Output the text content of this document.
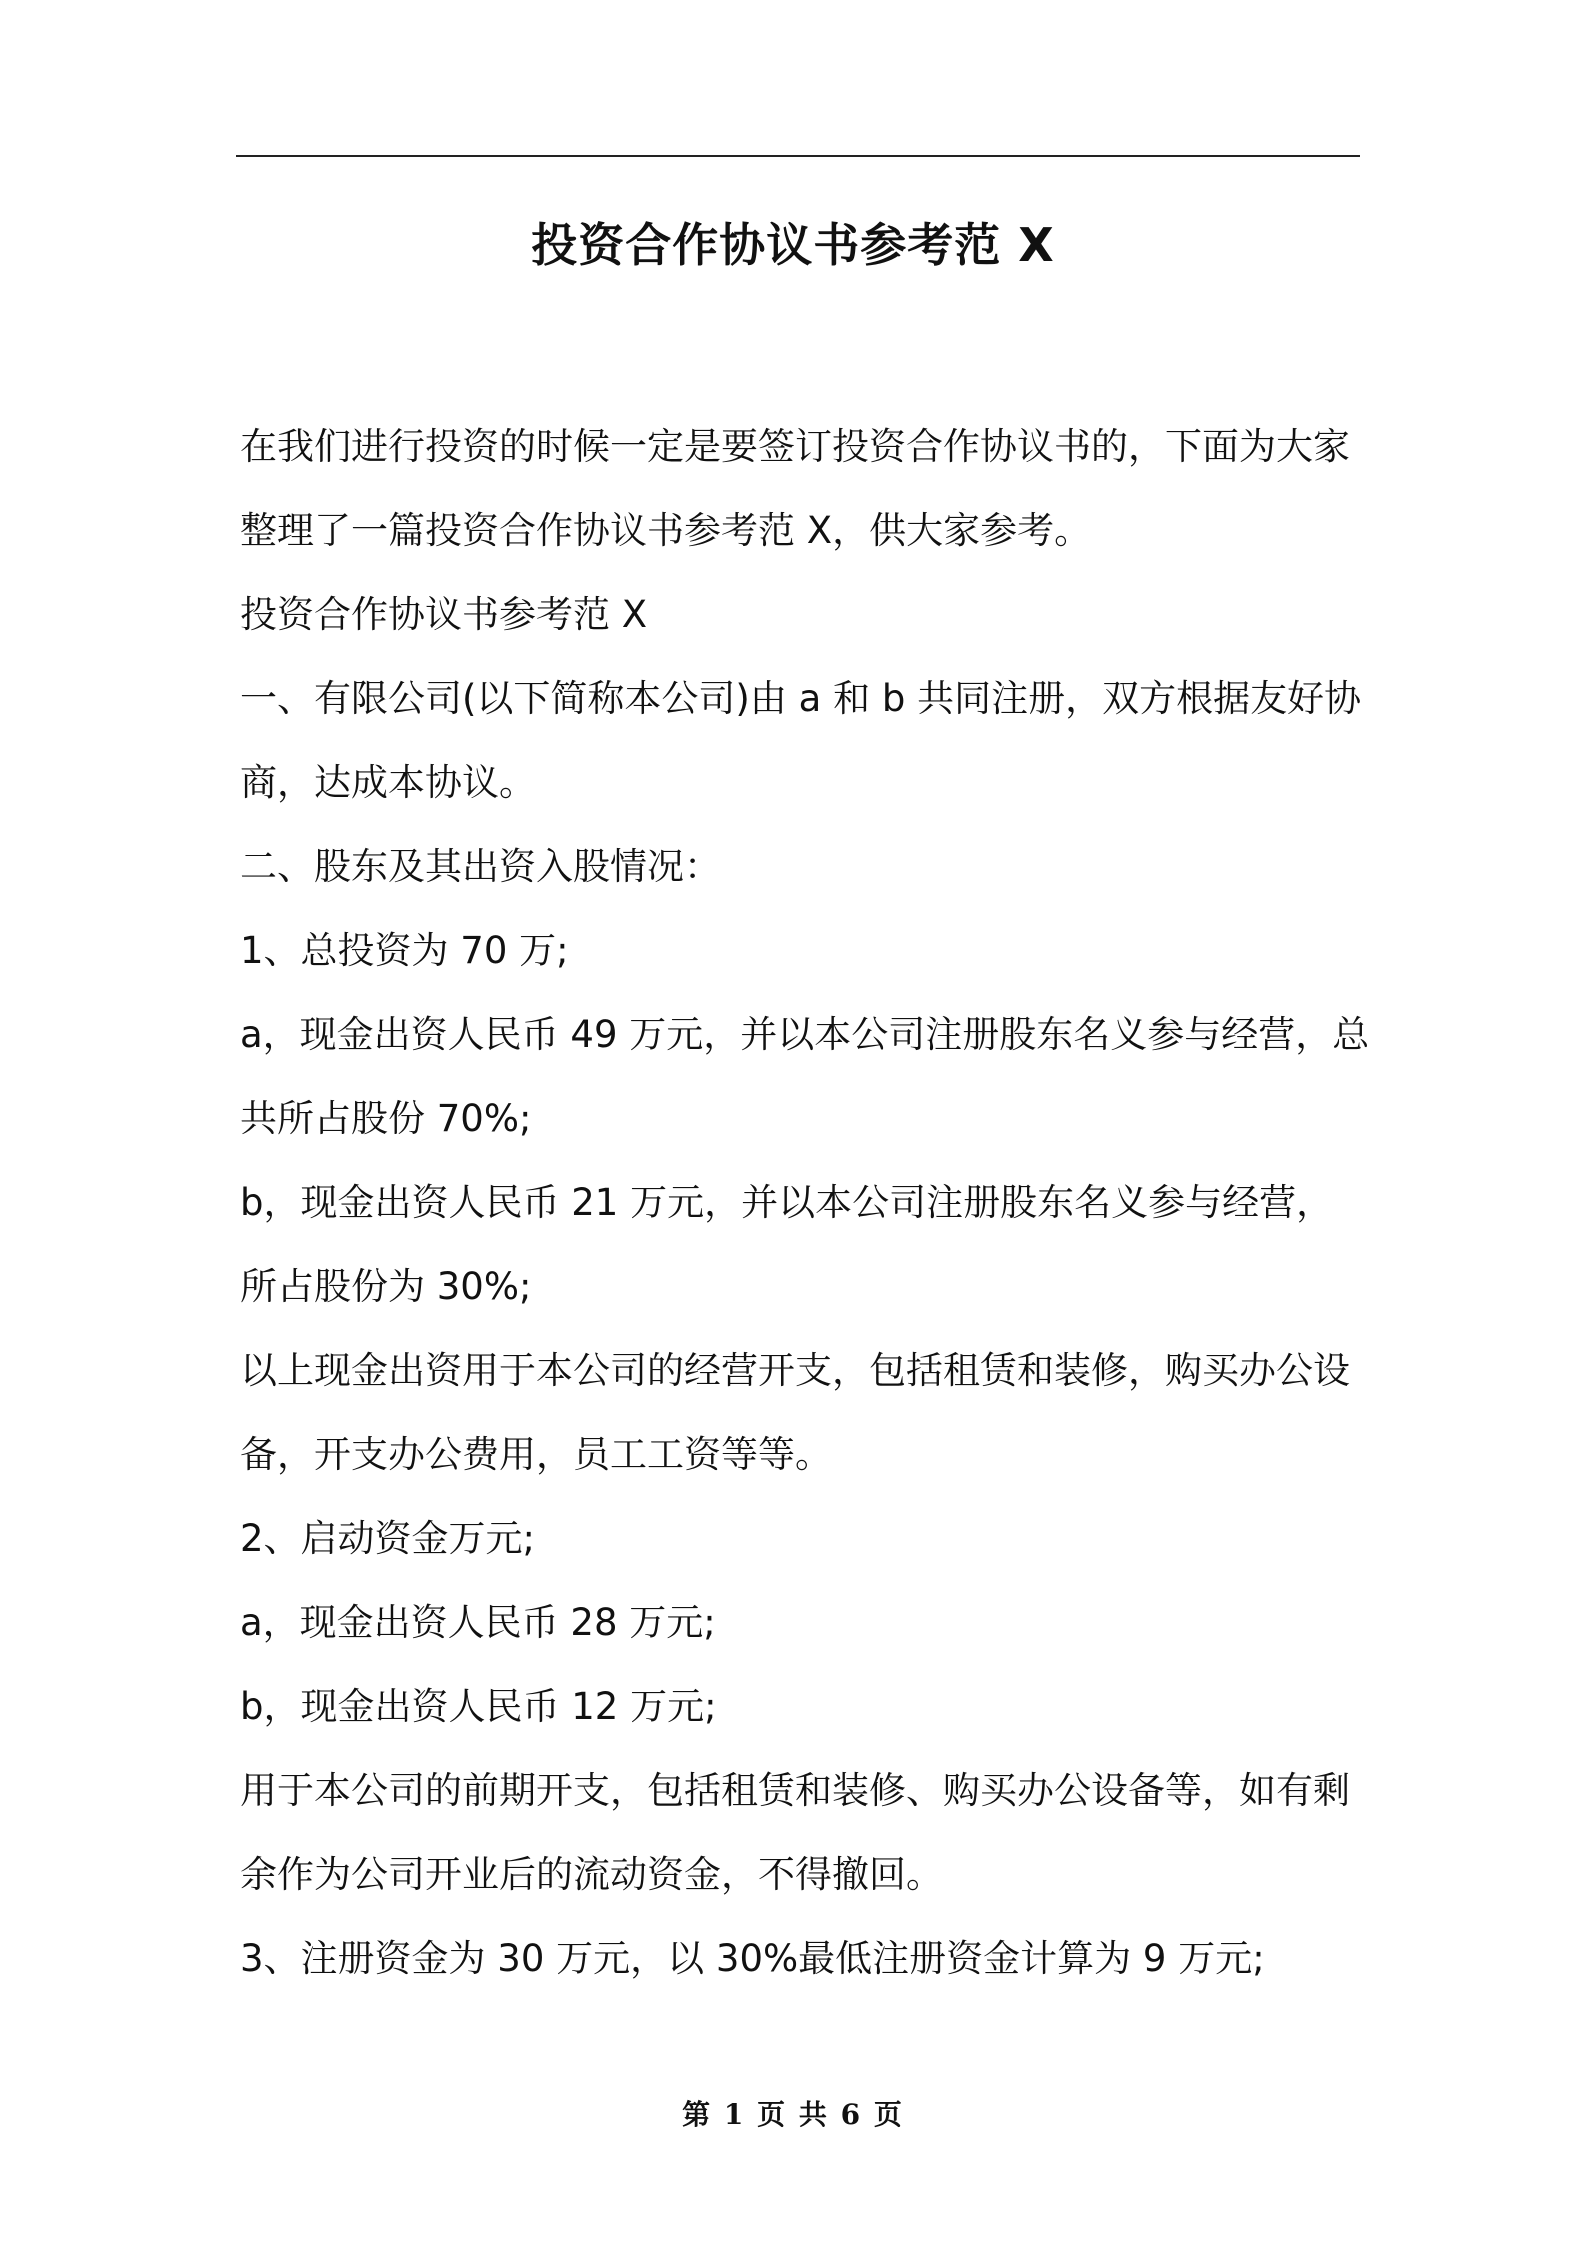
投资合作协议书参考范 X

在我们进行投资的时候一定是要签订投资合作协议书的，下面为大家整理了一篇投资合作协议书参考范 X，供大家参考。

投资合作协议书参考范 X

一、有限公司(以下简称本公司)由 a 和 b 共同注册，双方根据友好协商，达成本协议。

二、股东及其出资入股情况：

1、总投资为 70 万;

a，现金出资人民币 49 万元，并以本公司注册股东名义参与经营，总共所占股份 70%;

b，现金出资人民币 21 万元，并以本公司注册股东名义参与经营，所占股份为 30%;

以上现金出资用于本公司的经营开支，包括租赁和装修，购买办公设备，开支办公费用，员工工资等等。

2、启动资金万元;

a，现金出资人民币 28 万元;

b，现金出资人民币 12 万元;

用于本公司的前期开支，包括租赁和装修、购买办公设备等，如有剩余作为公司开业后的流动资金，不得撤回。

3、注册资金为 30 万元，以 30%最低注册资金计算为 9 万元;

第 1 页 共 6 页
